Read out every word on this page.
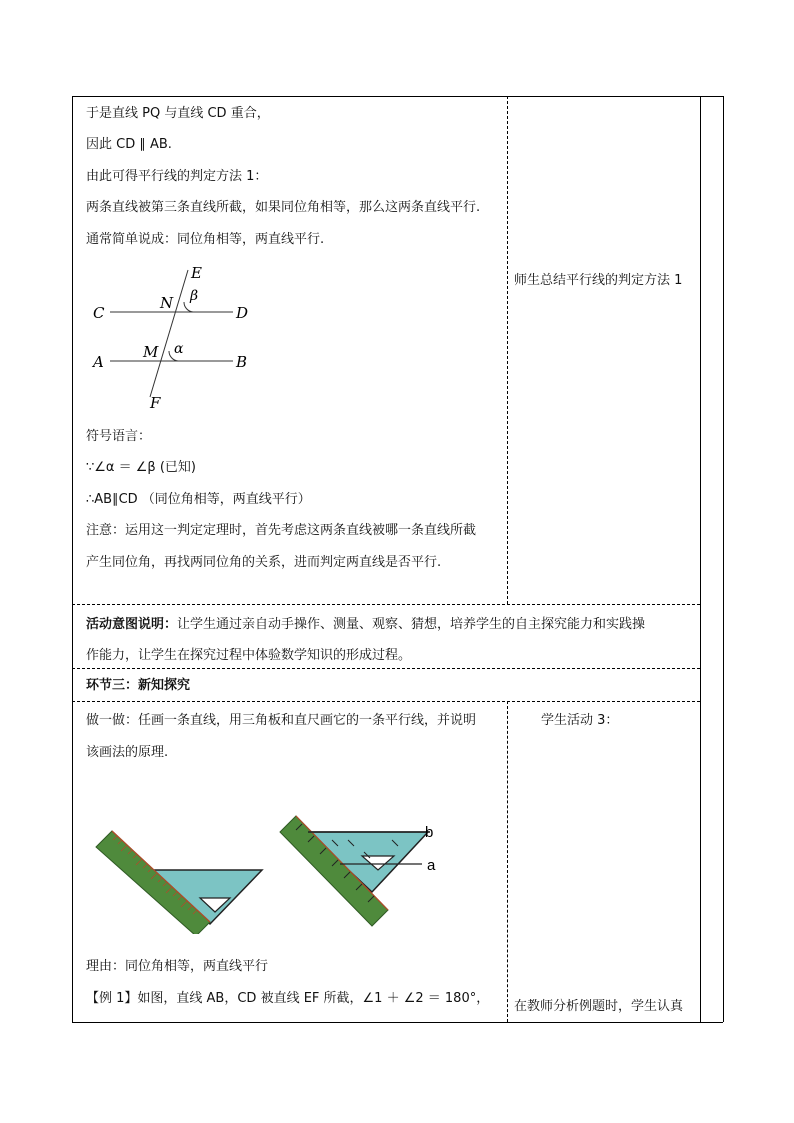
于是直线 PQ 与直线 CD 重合，
因此 CD ∥ AB.
由此可得平行线的判定方法 1：
两条直线被第三条直线所截，如果同位角相等，那么这两条直线平行.
通常简单说成：同位角相等，两直线平行.
E
N β
C	D
A
M α
B
F
符号语言：
∵∠α ＝ ∠β (已知)
∴AB∥CD （同位角相等，两直线平行）
注意：运用这一判定定理时，首先考虑这两条直线被哪一条直线所截
产生同位角，再找两同位角的关系，进而判定两直线是否平行.
师生总结平行线的判定方法 1
活动意图说明：让学生通过亲自动手操作、测量、观察、猜想，培养学生的自主探究能力和实践操
作能力，让学生在探究过程中体验数学知识的形成过程。
环节三：新知探究
做一做：任画一条直线，用三角板和直尺画它的一条平行线，并说明
该画法的原理.
学生活动 3：
b
a
理由：同位角相等，两直线平行
【例 1】如图，直线 AB，CD 被直线 EF 所截，∠1 ＋ ∠2 ＝ 180°，
在教师分析例题时，学生认真
